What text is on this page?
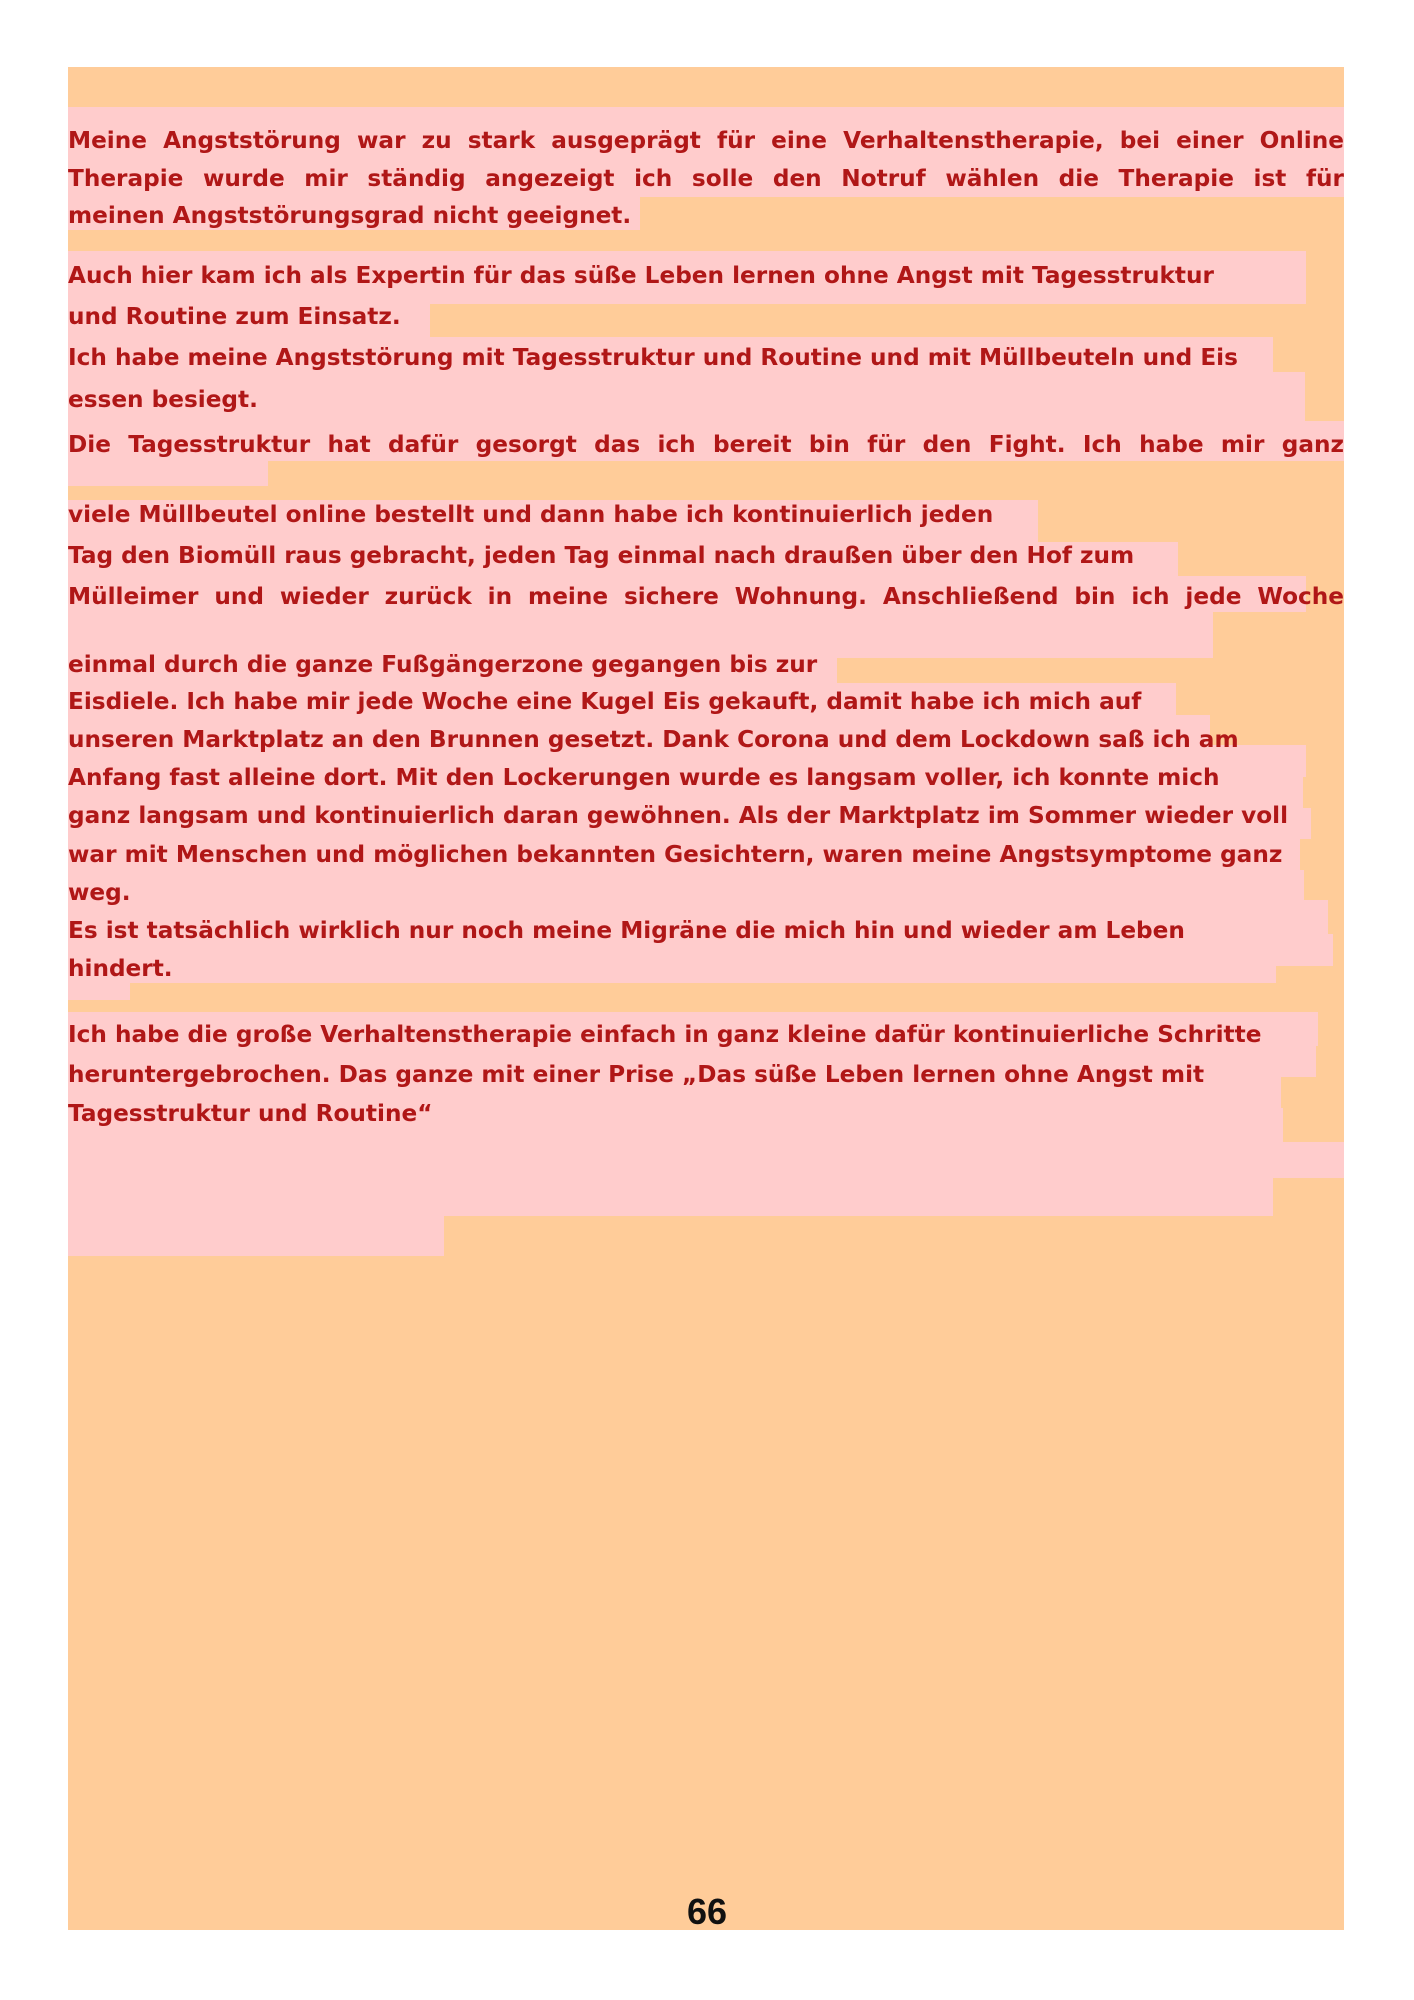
Meine Angststörung war zu stark ausgeprägt für eine Verhaltenstherapie, bei einer Online
Therapie wurde mir ständig angezeigt ich solle den Notruf wählen die Therapie ist für
meinen Angststörungsgrad nicht geeignet.
Auch hier kam ich als Expertin für das süße Leben lernen ohne Angst mit Tagesstruktur
und Routine zum Einsatz.
Ich habe meine Angststörung mit Tagesstruktur und Routine und mit Müllbeuteln und Eis
essen besiegt.
Die Tagesstruktur hat dafür gesorgt das ich bereit bin für den Fight. Ich habe mir ganz
viele Müllbeutel online bestellt und dann habe ich kontinuierlich jeden
Tag den Biomüll raus gebracht, jeden Tag einmal nach draußen über den Hof zum
Mülleimer und wieder zurück in meine sichere Wohnung. Anschließend bin ich jede Woche
einmal durch die ganze Fußgängerzone gegangen bis zur
Eisdiele. Ich habe mir jede Woche eine Kugel Eis gekauft, damit habe ich mich auf
unseren Marktplatz an den Brunnen gesetzt. Dank Corona und dem Lockdown saß ich am
Anfang fast alleine dort. Mit den Lockerungen wurde es langsam voller, ich konnte mich
ganz langsam und kontinuierlich daran gewöhnen. Als der Marktplatz im Sommer wieder voll
war mit Menschen und möglichen bekannten Gesichtern, waren meine Angstsymptome ganz
weg.
Es ist tatsächlich wirklich nur noch meine Migräne die mich hin und wieder am Leben
hindert.
Ich habe die große Verhaltenstherapie einfach in ganz kleine dafür kontinuierliche Schritte
heruntergebrochen. Das ganze mit einer Prise „Das süße Leben lernen ohne Angst mit
Tagesstruktur und Routine“
66
